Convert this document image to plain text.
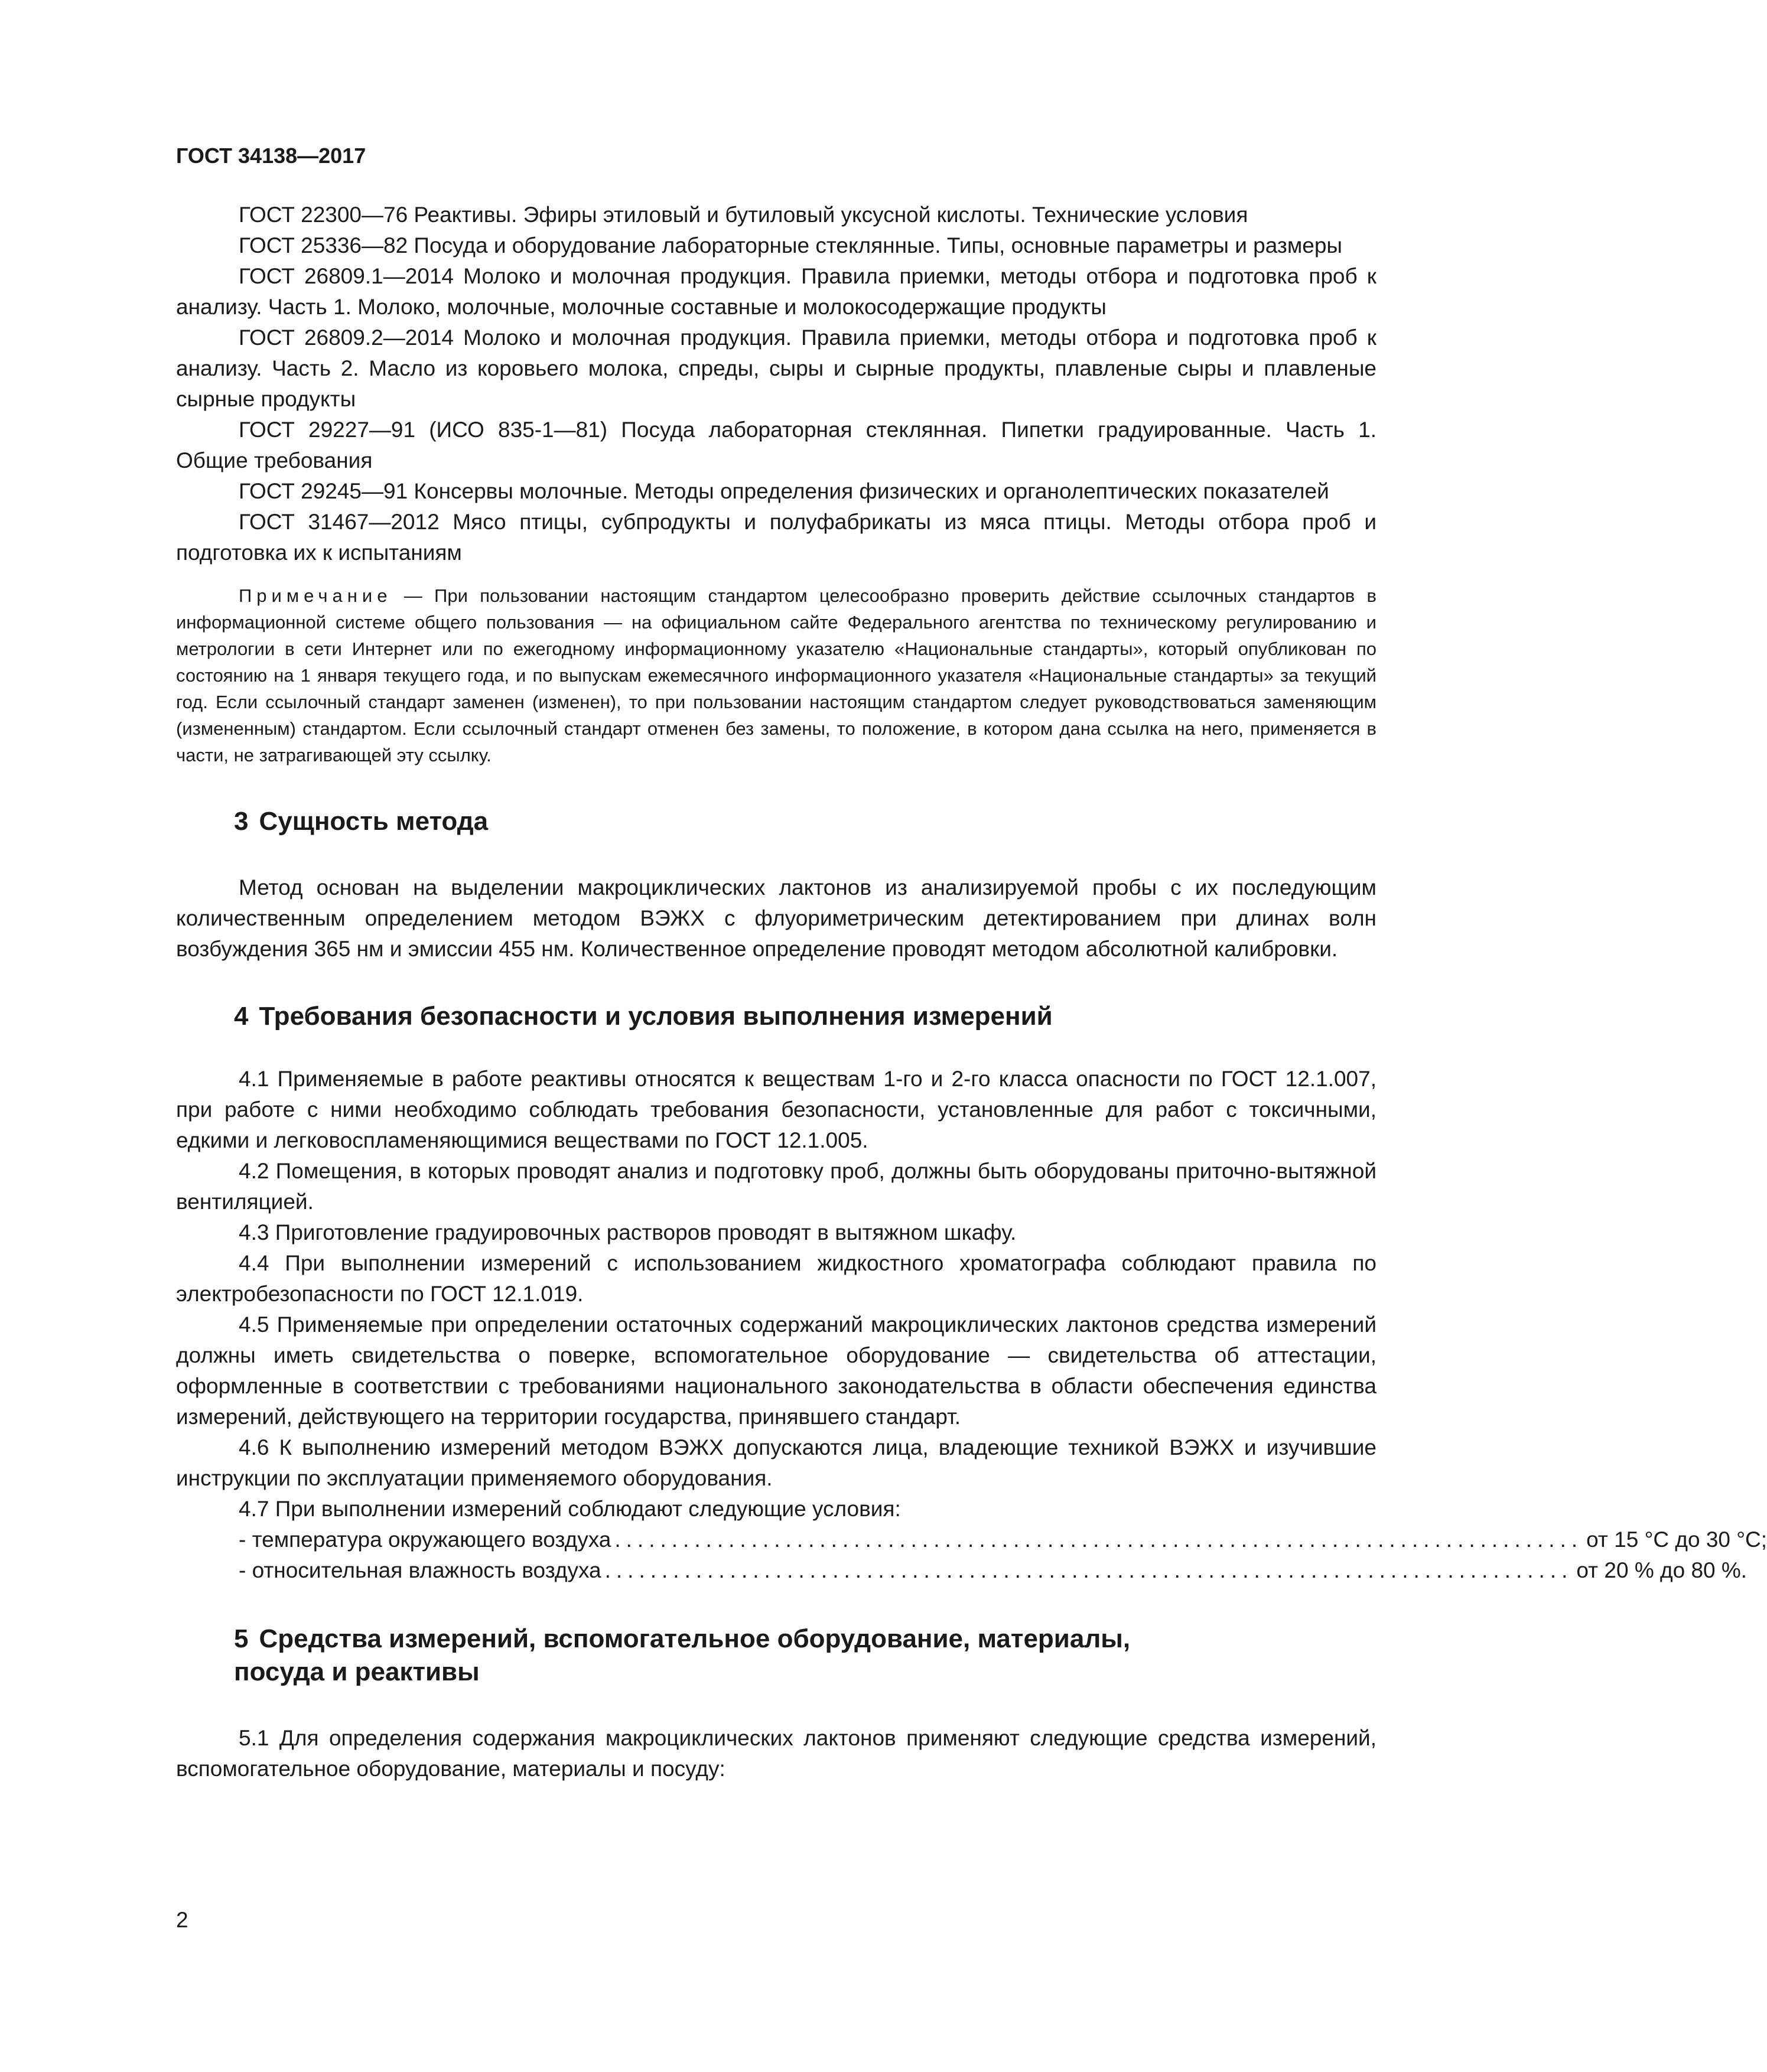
ГОСТ 34138—2017

ГОСТ 22300—76 Реактивы. Эфиры этиловый и бутиловый уксусной кислоты. Технические условия

ГОСТ 25336—82 Посуда и оборудование лабораторные стеклянные. Типы, основные параметры и размеры

ГОСТ 26809.1—2014 Молоко и молочная продукция. Правила приемки, методы отбора и подготовка проб к анализу. Часть 1. Молоко, молочные, молочные составные и молокосодержащие продукты

ГОСТ 26809.2—2014 Молоко и молочная продукция. Правила приемки, методы отбора и подготовка проб к анализу. Часть 2. Масло из коровьего молока, спреды, сыры и сырные продукты, плавленые сыры и плавленые сырные продукты

ГОСТ 29227—91 (ИСО 835-1—81) Посуда лабораторная стеклянная. Пипетки градуированные. Часть 1. Общие требования

ГОСТ 29245—91 Консервы молочные. Методы определения физических и органолептических показателей

ГОСТ 31467—2012 Мясо птицы, субпродукты и полуфабрикаты из мяса птицы. Методы отбора проб и подготовка их к испытаниям

Примечание — При пользовании настоящим стандартом целесообразно проверить действие ссылочных стандартов в информационной системе общего пользования — на официальном сайте Федерального агентства по техническому регулированию и метрологии в сети Интернет или по ежегодному информационному указателю «Национальные стандарты», который опубликован по состоянию на 1 января текущего года, и по выпускам ежемесячного информационного указателя «Национальные стандарты» за текущий год. Если ссылочный стандарт заменен (изменен), то при пользовании настоящим стандартом следует руководствоваться заменяющим (измененным) стандартом. Если ссылочный стандарт отменен без замены, то положение, в котором дана ссылка на него, применяется в части, не затрагивающей эту ссылку.

3 Сущность метода

Метод основан на выделении макроциклических лактонов из анализируемой пробы с их последующим количественным определением методом ВЭЖХ с флуориметрическим детектированием при длинах волн возбуждения 365 нм и эмиссии 455 нм. Количественное определение проводят методом абсолютной калибровки.

4 Требования безопасности и условия выполнения измерений

4.1 Применяемые в работе реактивы относятся к веществам 1-го и 2-го класса опасности по ГОСТ 12.1.007, при работе с ними необходимо соблюдать требования безопасности, установленные для работ с токсичными, едкими и легковоспламеняющимися веществами по ГОСТ 12.1.005.

4.2 Помещения, в которых проводят анализ и подготовку проб, должны быть оборудованы приточно-вытяжной вентиляцией.

4.3 Приготовление градуировочных растворов проводят в вытяжном шкафу.

4.4 При выполнении измерений с использованием жидкостного хроматографа соблюдают правила по электробезопасности по ГОСТ 12.1.019.

4.5 Применяемые при определении остаточных содержаний макроциклических лактонов средства измерений должны иметь свидетельства о поверке, вспомогательное оборудование — свидетельства об аттестации, оформленные в соответствии с требованиями национального законодательства в области обеспечения единства измерений, действующего на территории государства, принявшего стандарт.

4.6 К выполнению измерений методом ВЭЖХ допускаются лица, владеющие техникой ВЭЖХ и изучившие инструкции по эксплуатации применяемого оборудования.

4.7 При выполнении измерений соблюдают следующие условия:

- температура окружающего воздуха ..................................................................................... от 15 °С до 30 °С;
- относительная влажность воздуха ..................................................................................... от 20 % до 80 %.
5 Средства измерений, вспомогательное оборудование, материалы,
посуда и реактивы

5.1 Для определения содержания макроциклических лактонов применяют следующие средства измерений, вспомогательное оборудование, материалы и посуду:

2
